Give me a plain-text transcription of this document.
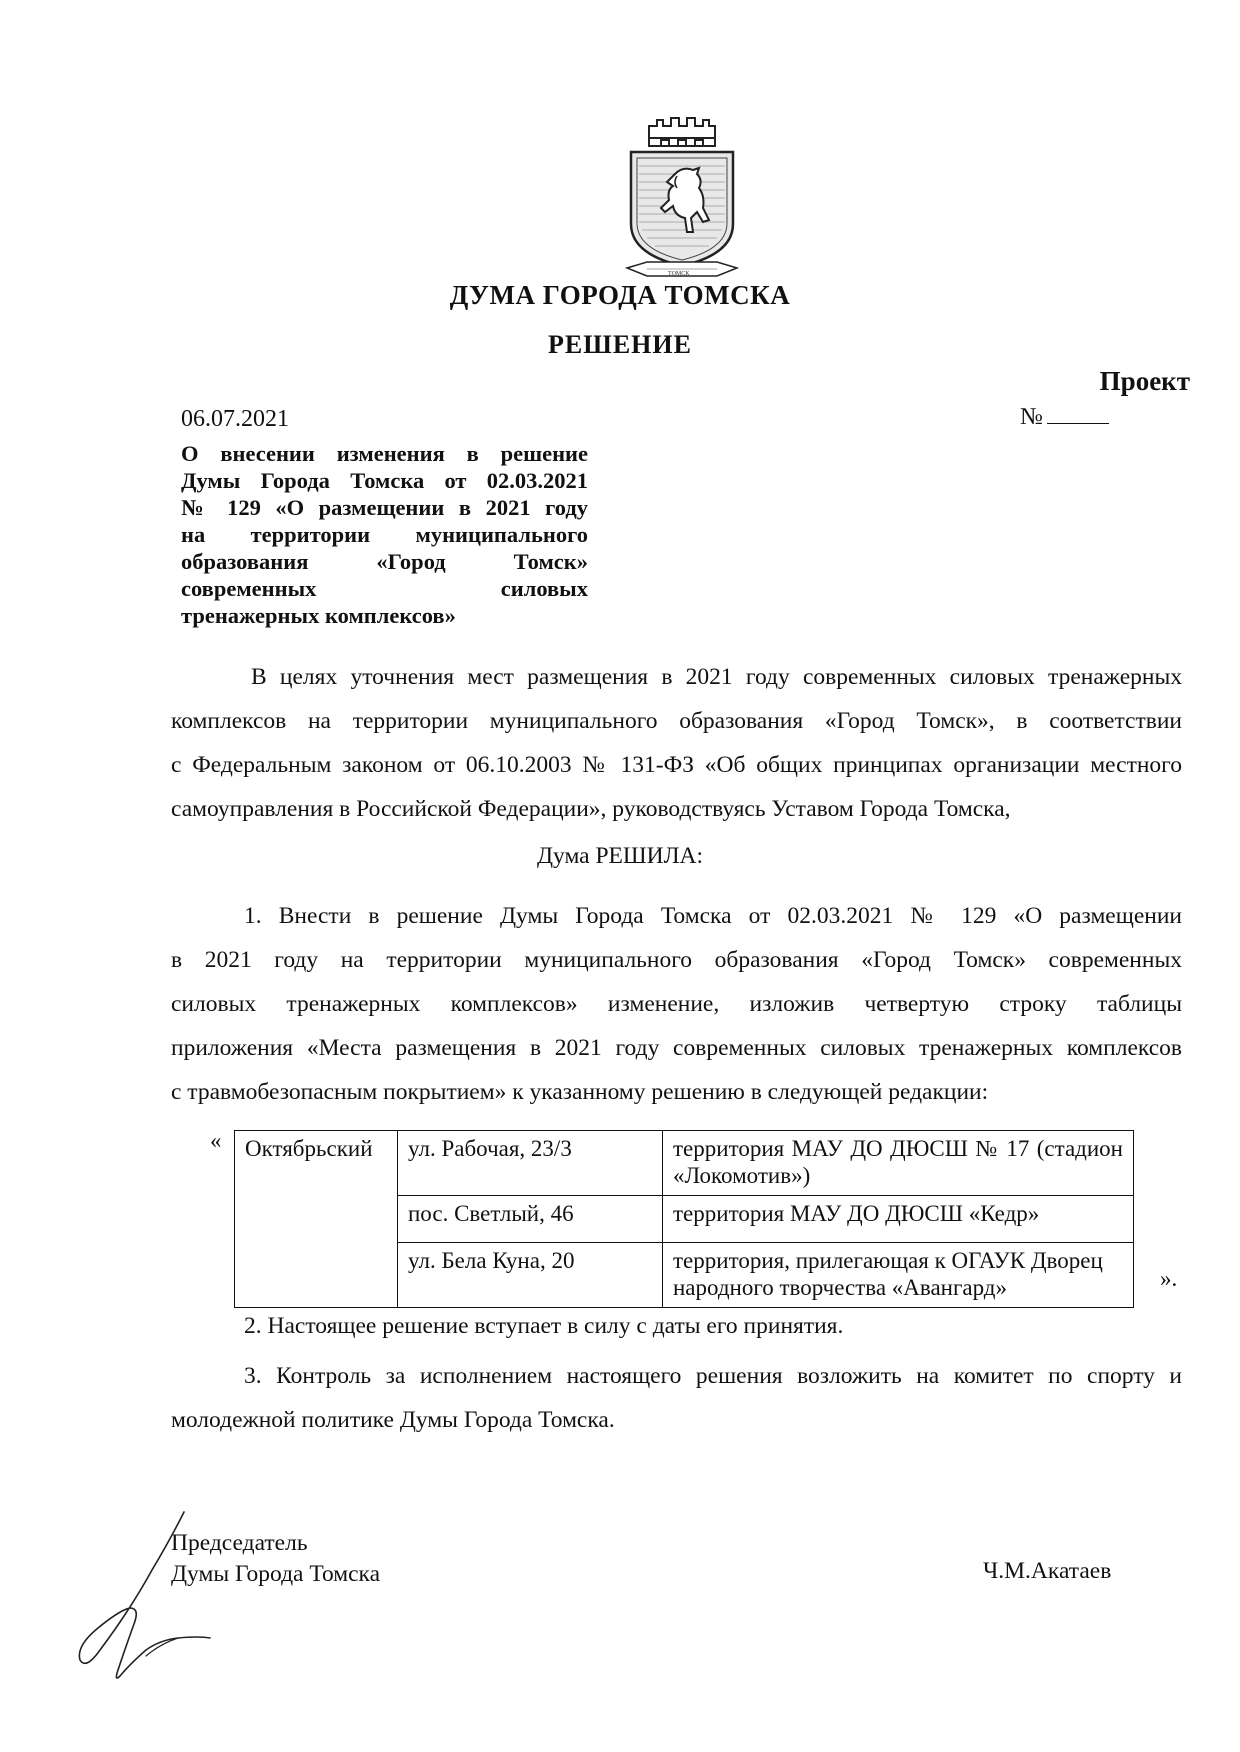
ТОМСК
ДУМА ГОРОДА ТОМСКА
РЕШЕНИЕ
Проект
06.07.2021	№
О внесении изменения в решение
Думы Города Томска от 02.03.2021
№ 129 «О размещении в 2021 году
на территории муниципального
образования «Город Томск»
современных силовых
тренажерных комплексов»
В целях уточнения мест размещения в 2021 году современных силовых тренажерных
комплексов на территории муниципального образования «Город Томск», в соответствии
с Федеральным законом от 06.10.2003 № 131-ФЗ «Об общих принципах организации местного
самоуправления в Российской Федерации», руководствуясь Уставом Города Томска,
Дума РЕШИЛА:
1. Внести в решение Думы Города Томска от 02.03.2021 № 129 «О размещении
в 2021 году на территории муниципального образования «Город Томск» современных
силовых тренажерных комплексов» изменение, изложив четвертую строку таблицы
приложения «Места размещения в 2021 году современных силовых тренажерных комплексов
с травмобезопасным покрытием» к указанному решению в следующей редакции:
« Октябрьский	ул. Рабочая, 23/3	территория МАУ ДО ДЮСШ № 17 (стадион «Локомотив»)
	пос. Светлый, 46	территория МАУ ДО ДЮСШ «Кедр»
	ул. Бела Куна, 20	территория, прилегающая к ОГАУК Дворец народного творчества «Авангард»	».
2. Настоящее решение вступает в силу с даты его принятия.
3. Контроль за исполнением настоящего решения возложить на комитет по спорту и
молодежной политике Думы Города Томска.
Председатель
Думы Города Томска	Ч.М.Акатаев
